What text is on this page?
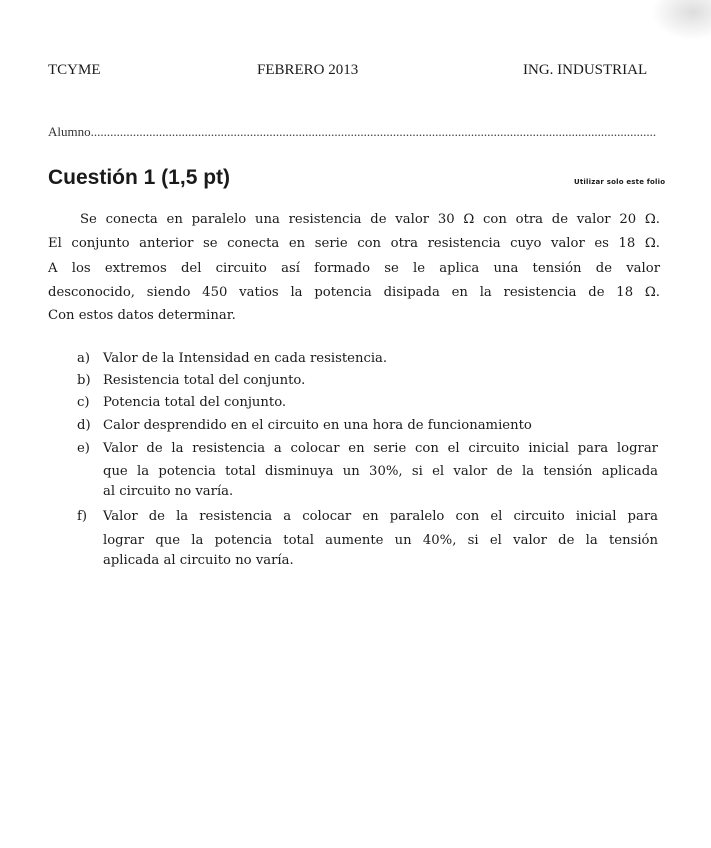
TCYME	FEBRERO 2013	ING. INDUSTRIAL
Alumno..............................................................................................................................................................................
Cuestión 1 (1,5 pt)	Utilizar solo este folio
Se conecta en paralelo una resistencia de valor 30 Ω con otra de valor 20 Ω.
El conjunto anterior se conecta en serie con otra resistencia cuyo valor es 18 Ω.
A los extremos del circuito así formado se le aplica una tensión de valor
desconocido, siendo 450 vatios la potencia disipada en la resistencia de 18 Ω.
Con estos datos determinar.
a) Valor de la Intensidad en cada resistencia.
b) Resistencia total del conjunto.
c) Potencia total del conjunto.
d) Calor desprendido en el circuito en una hora de funcionamiento
e) Valor de la resistencia a colocar en serie con el circuito inicial para lograr
que la potencia total disminuya un 30%, si el valor de la tensión aplicada
al circuito no varía.
f) Valor de la resistencia a colocar en paralelo con el circuito inicial para
lograr que la potencia total aumente un 40%, si el valor de la tensión
aplicada al circuito no varía.
